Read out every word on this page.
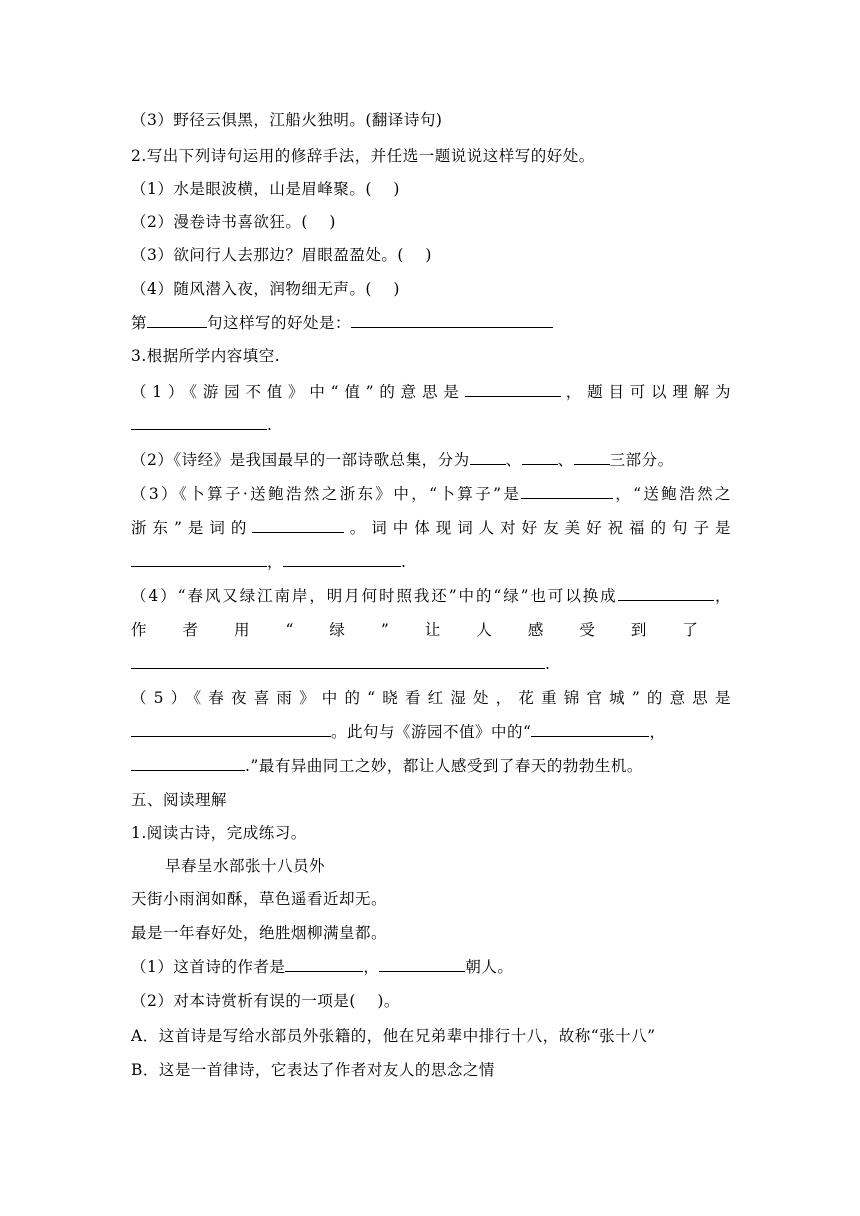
（3）野径云俱黑，江船火独明。(翻译诗句)
2.写出下列诗句运用的修辞手法，并任选一题说说这样写的好处。
（1）水是眼波横，山是眉峰聚。(　 )
（2）漫卷诗书喜欲狂。(　 )
（3）欲问行人去那边？眉眼盈盈处。(　 )
（4）随风潜入夜，润物细无声。(　 )
第	句这样写的好处是：
3.根据所学内容填空.
（1）《游园不值》中“值”的意思是	，题目可以理解为
.
（2）《诗经》是我国最早的一部诗歌总集，分为 、 、 三部分。
（3）《卜算子·送鲍浩然之浙东》中，“卜算子”是	，“送鲍浩然之
浙东”是词的	。词中体现词人对好友美好祝福的句子是
，	.
（4）“春风又绿江南岸，明月何时照我还”中的“绿”也可以换成	，
作者用“绿”让人感受到了
.
（5）《春夜喜雨》中的“晓看红湿处，花重锦官城”的意思是
。此句与《游园不值》中的“	，
.”最有异曲同工之妙，都让人感受到了春天的勃勃生机。
五、阅读理解
1.阅读古诗，完成练习。
早春呈水部张十八员外
天街小雨润如酥，草色遥看近却无。
最是一年春好处，绝胜烟柳满皇都。
（1）这首诗的作者是	，	朝人。
（2）对本诗赏析有误的一项是(　 )。
A．这首诗是写给水部员外张籍的，他在兄弟辈中排行十八，故称“张十八”
B．这是一首律诗，它表达了作者对友人的思念之情
